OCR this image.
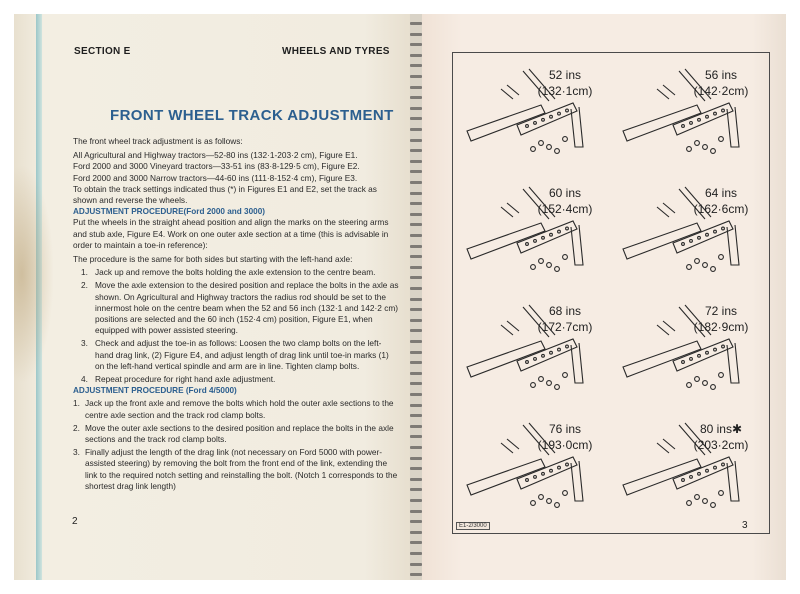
SECTION E	WHEELS AND TYRES
FRONT WHEEL TRACK ADJUSTMENT

The front wheel track adjustment is as follows:

All Agricultural and Highway tractors—52-80 ins (132·1-203·2 cm), Figure E1.

Ford 2000 and 3000 Vineyard tractors—33-51 ins (83·8-129·5 cm), Figure E2.

Ford 2000 and 3000 Narrow tractors—44-60 ins (111·8-152·4 cm), Figure E3.

To obtain the track settings indicated thus (*) in Figures E1 and E2, set the track as shown and reverse the wheels.

ADJUSTMENT PROCEDURE(Ford 2000 and 3000)

Put the wheels in the straight ahead position and align the marks on the steering arms and stub axle, Figure E4. Work on one outer axle section at a time (this is advisable in order to maintain a toe-in reference):

The procedure is the same for both sides but starting with the left-hand axle:

1. Jack up and remove the bolts holding the axle extension to the centre beam.
2. Move the axle extension to the desired position and replace the bolts in the axle as shown. On Agricultural and Highway tractors the radius rod should be set to the innermost hole on the centre beam when the 52 and 56 inch (132·1 and 142·2 cm) positions are selected and the 60 inch (152·4 cm) position, Figure E1, when equipped with power assisted steering.
3. Check and adjust the toe-in as follows: Loosen the two clamp bolts on the left-hand drag link, (2) Figure E4, and adjust length of drag link until toe-in marks (1) on the left-hand vertical spindle and arm are in line. Tighten clamp bolts.
4. Repeat procedure for right hand axle adjustment.

ADJUSTMENT PROCEDURE (Ford 4/5000)

1. Jack up the front axle and remove the bolts which hold the outer axle sections to the centre axle section and the track rod clamp bolts.
2. Move the outer axle sections to the desired position and replace the bolts in the axle sections and the track rod clamp bolts.
3. Finally adjust the length of the drag link (not necessary on Ford 5000 with power-assisted steering) by removing the bolt from the front end of the link, extending the link to the required notch setting and reinstalling the bolt. (Notch 1 corresponds to the shortest drag link length)
2
52 ins
(132·1cm)
56 ins
(142·2cm)
60 ins
(152·4cm)
64 ins
(162·6cm)
68 ins
(172·7cm)
72 ins
(182·9cm)
76 ins
(193·0cm)
80 ins✱
(203·2cm)
E1-2/3000	3
